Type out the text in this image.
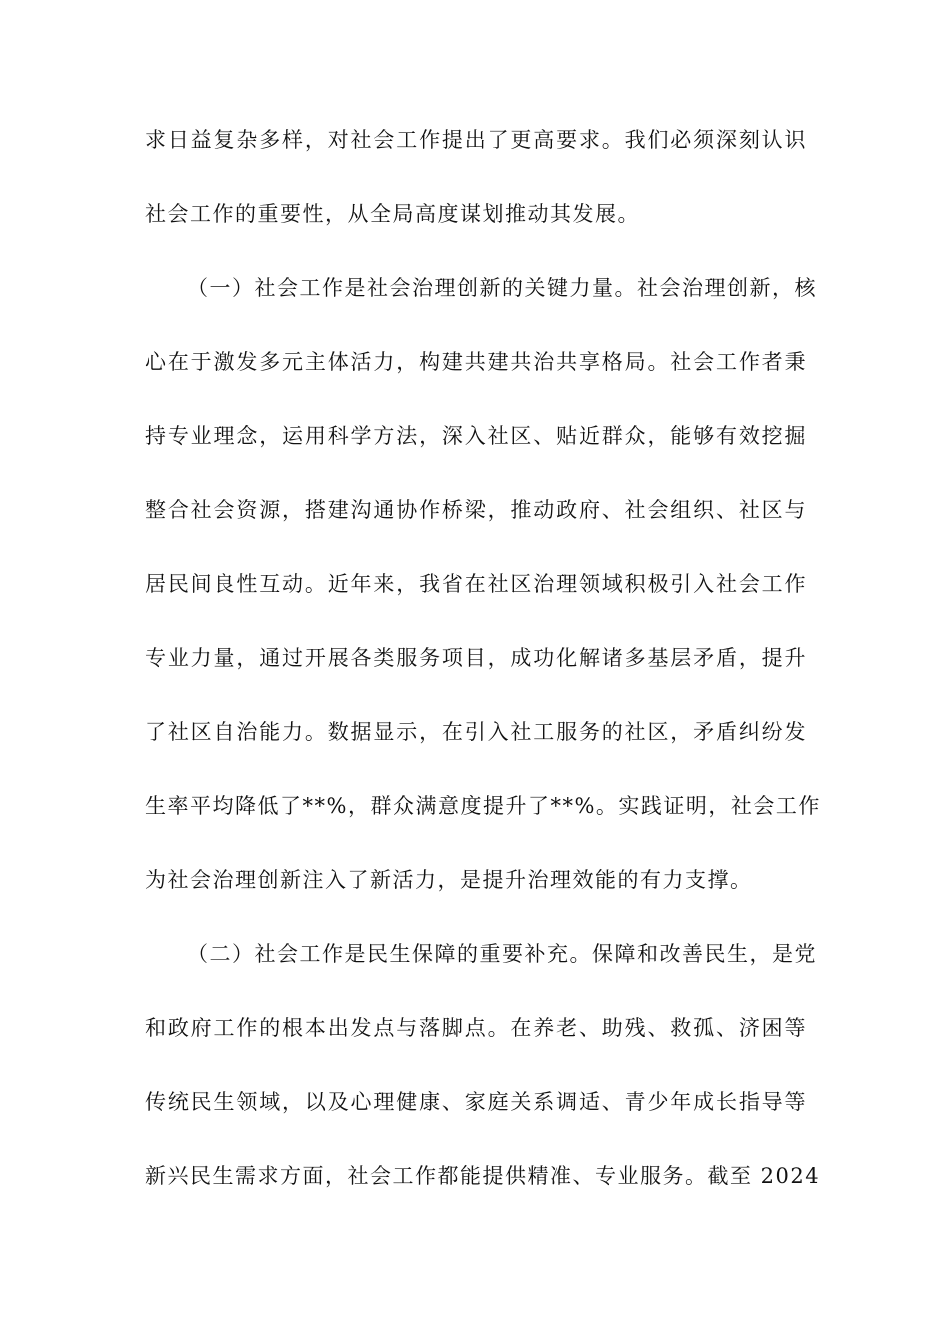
求日益复杂多样，对社会工作提出了更高要求。我们必须深刻认识
社会工作的重要性，从全局高度谋划推动其发展。
（一）社会工作是社会治理创新的关键力量。社会治理创新，核
心在于激发多元主体活力，构建共建共治共享格局。社会工作者秉
持专业理念，运用科学方法，深入社区、贴近群众，能够有效挖掘
整合社会资源，搭建沟通协作桥梁，推动政府、社会组织、社区与
居民间良性互动。近年来，我省在社区治理领域积极引入社会工作
专业力量，通过开展各类服务项目，成功化解诸多基层矛盾，提升
了社区自治能力。数据显示，在引入社工服务的社区，矛盾纠纷发
生率平均降低了**%，群众满意度提升了**%。实践证明，社会工作
为社会治理创新注入了新活力，是提升治理效能的有力支撑。
（二）社会工作是民生保障的重要补充。保障和改善民生，是党
和政府工作的根本出发点与落脚点。在养老、助残、救孤、济困等
传统民生领域，以及心理健康、家庭关系调适、青少年成长指导等
新兴民生需求方面，社会工作都能提供精准、专业服务。截至 2024
